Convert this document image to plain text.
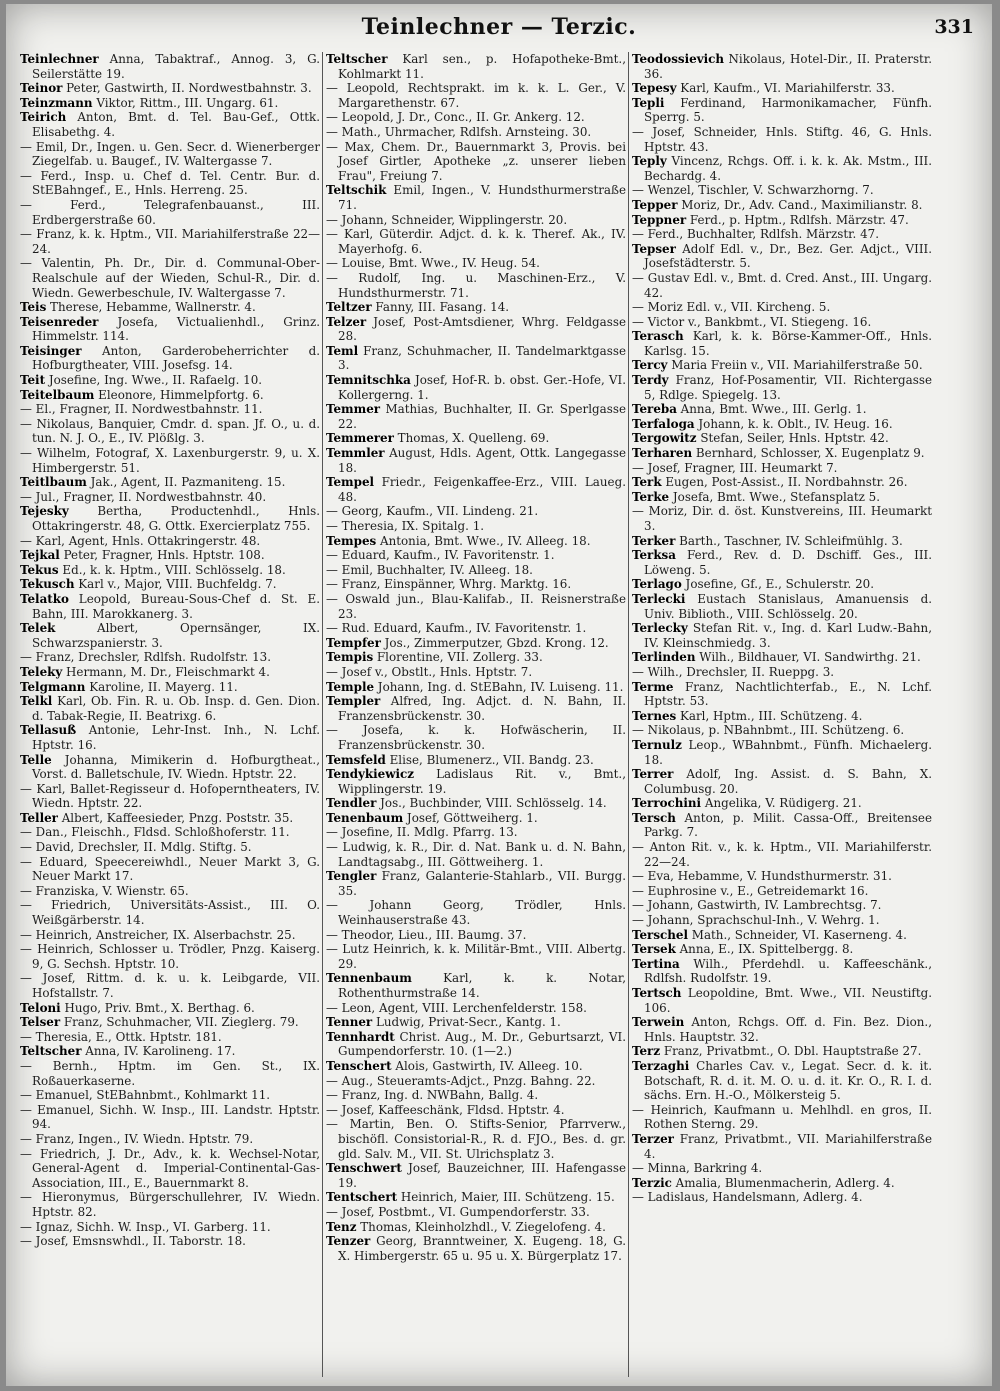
Teinlechner — Terzic.	331

Teinlechner Anna, Tabaktraf., Annog. 3, G. Seilerstätte 19.

Teinor Peter, Gastwirth, II. Nordwestbahnstr. 3.

Teinzmann Viktor, Rittm., III. Ungarg. 61.

Teirich Anton, Bmt. d. Tel. Bau-Gef., Ottk. Elisabethg. 4.

— Emil, Dr., Ingen. u. Gen. Secr. d. Wienerberger Ziegelfab. u. Baugef., IV. Waltergasse 7.

— Ferd., Insp. u. Chef d. Tel. Centr. Bur. d. StEBahngef., E., Hnls. Herreng. 25.

— Ferd., Telegrafenbauanst., III. Erdbergerstraße 60.

— Franz, k. k. Hptm., VII. Mariahilferstraße 22—24.

— Valentin, Ph. Dr., Dir. d. Communal-Ober-Realschule auf der Wieden, Schul-R., Dir. d. Wiedn. Gewerbeschule, IV. Waltergasse 7.

Teis Therese, Hebamme, Wallnerstr. 4.

Teisenreder Josefa, Victualienhdl., Grinz. Himmelstr. 114.

Teisinger Anton, Garderobeherrichter d. Hofburgtheater, VIII. Josefsg. 14.

Teit Josefine, Ing. Wwe., II. Rafaelg. 10.

Teitelbaum Eleonore, Himmelpfortg. 6.

— El., Fragner, II. Nordwestbahnstr. 11.

— Nikolaus, Banquier, Cmdr. d. span. Jf. O., u. d. tun. N. J. O., E., IV. Plößlg. 3.

— Wilhelm, Fotograf, X. Laxenburgerstr. 9, u. X. Himbergerstr. 51.

Teitlbaum Jak., Agent, II. Pazmaniteng. 15.

— Jul., Fragner, II. Nordwestbahnstr. 40.

Tejesky Bertha, Productenhdl., Hnls. Ottakringerstr. 48, G. Ottk. Exercierplatz 755.

— Karl, Agent, Hnls. Ottakringerstr. 48.

Tejkal Peter, Fragner, Hnls. Hptstr. 108.

Tekus Ed., k. k. Hptm., VIII. Schlösselg. 18.

Tekusch Karl v., Major, VIII. Buchfeldg. 7.

Telatko Leopold, Bureau-Sous-Chef d. St. E. Bahn, III. Marokkanerg. 3.

Telek Albert, Opernsänger, IX. Schwarzspanierstr. 3.

— Franz, Drechsler, Rdlfsh. Rudolfstr. 13.

Teleky Hermann, M. Dr., Fleischmarkt 4.

Telgmann Karoline, II. Mayerg. 11.

Telkl Karl, Ob. Fin. R. u. Ob. Insp. d. Gen. Dion. d. Tabak-Regie, II. Beatrixg. 6.

Tellasuß Antonie, Lehr-Inst. Inh., N. Lchf. Hptstr. 16.

Telle Johanna, Mimikerin d. Hofburgtheat., Vorst. d. Balletschule, IV. Wiedn. Hptstr. 22.

— Karl, Ballet-Regisseur d. Hofoperntheaters, IV. Wiedn. Hptstr. 22.

Teller Albert, Kaffeesieder, Pnzg. Poststr. 35.

— Dan., Fleischh., Fldsd. Schloßhoferstr. 11.

— David, Drechsler, II. Mdlg. Stiftg. 5.

— Eduard, Speecereiwhdl., Neuer Markt 3, G. Neuer Markt 17.

— Franziska, V. Wienstr. 65.

— Friedrich, Universitäts-Assist., III. O. Weißgärberstr. 14.

— Heinrich, Anstreicher, IX. Alserbachstr. 25.

— Heinrich, Schlosser u. Trödler, Pnzg. Kaiserg. 9, G. Sechsh. Hptstr. 10.

— Josef, Rittm. d. k. u. k. Leibgarde, VII. Hofstallstr. 7.

Teloni Hugo, Priv. Bmt., X. Berthag. 6.

Telser Franz, Schuhmacher, VII. Zieglerg. 79.

— Theresia, E., Ottk. Hptstr. 181.

Teltscher Anna, IV. Karolineng. 17.

— Bernh., Hptm. im Gen. St., IX. Roßauerkaserne.

— Emanuel, StEBahnbmt., Kohlmarkt 11.

— Emanuel, Sichh. W. Insp., III. Landstr. Hptstr. 94.

— Franz, Ingen., IV. Wiedn. Hptstr. 79.

— Friedrich, J. Dr., Adv., k. k. Wechsel-Notar, General-Agent d. Imperial-Continental-Gas-Association, III., E., Bauernmarkt 8.

— Hieronymus, Bürgerschullehrer, IV. Wiedn. Hptstr. 82.

— Ignaz, Sichh. W. Insp., VI. Garberg. 11.

— Josef, Emsnswhdl., II. Taborstr. 18.

Teltscher Karl sen., p. Hofapotheke-Bmt., Kohlmarkt 11.

— Leopold, Rechtsprakt. im k. k. L. Ger., V. Margarethenstr. 67.

— Leopold, J. Dr., Conc., II. Gr. Ankerg. 12.

— Math., Uhrmacher, Rdlfsh. Arnsteing. 30.

— Max, Chem. Dr., Bauernmarkt 3, Provis. bei Josef Girtler, Apotheke „z. unserer lieben Frau", Freiung 7.

Teltschik Emil, Ingen., V. Hundsthurmerstraße 71.

— Johann, Schneider, Wipplingerstr. 20.

— Karl, Güterdir. Adjct. d. k. k. Theref. Ak., IV. Mayerhofg. 6.

— Louise, Bmt. Wwe., IV. Heug. 54.

— Rudolf, Ing. u. Maschinen-Erz., V. Hundsthurmerstr. 71.

Teltzer Fanny, III. Fasang. 14.

Telzer Josef, Post-Amtsdiener, Whrg. Feldgasse 28.

Teml Franz, Schuhmacher, II. Tandelmarktgasse 3.

Temnitschka Josef, Hof-R. b. obst. Ger.-Hofe, VI. Kollergerng. 1.

Temmer Mathias, Buchhalter, II. Gr. Sperlgasse 22.

Temmerer Thomas, X. Quelleng. 69.

Temmler August, Hdls. Agent, Ottk. Langegasse 18.

Tempel Friedr., Feigenkaffee-Erz., VIII. Laueg. 48.

— Georg, Kaufm., VII. Lindeng. 21.

— Theresia, IX. Spitalg. 1.

Tempes Antonia, Bmt. Wwe., IV. Alleeg. 18.

— Eduard, Kaufm., IV. Favoritenstr. 1.

— Emil, Buchhalter, IV. Alleeg. 18.

— Franz, Einspänner, Whrg. Marktg. 16.

— Oswald jun., Blau-Kalifab., II. Reisnerstraße 23.

— Rud. Eduard, Kaufm., IV. Favoritenstr. 1.

Tempfer Jos., Zimmerputzer, Gbzd. Krong. 12.

Tempis Florentine, VII. Zollerg. 33.

— Josef v., Obstlt., Hnls. Hptstr. 7.

Temple Johann, Ing. d. StEBahn, IV. Luiseng. 11.

Templer Alfred, Ing. Adjct. d. N. Bahn, II. Franzensbrückenstr. 30.

— Josefa, k. k. Hofwäscherin, II. Franzensbrückenstr. 30.

Temsfeld Elise, Blumenerz., VII. Bandg. 23.

Tendykiewicz Ladislaus Rit. v., Bmt., Wipplingerstr. 19.

Tendler Jos., Buchbinder, VIII. Schlösselg. 14.

Tenenbaum Josef, Göttweiherg. 1.

— Josefine, II. Mdlg. Pfarrg. 13.

— Ludwig, k. R., Dir. d. Nat. Bank u. d. N. Bahn, Landtagsabg., III. Göttweiherg. 1.

Tengler Franz, Galanterie-Stahlarb., VII. Burgg. 35.

— Johann Georg, Trödler, Hnls. Weinhauserstraße 43.

— Theodor, Lieu., III. Baumg. 37.

— Lutz Heinrich, k. k. Militär-Bmt., VIII. Albertg. 29.

Tennenbaum Karl, k. k. Notar, Rothenthurmstraße 14.

— Leon, Agent, VIII. Lerchenfelderstr. 158.

Tenner Ludwig, Privat-Secr., Kantg. 1.

Tennhardt Christ. Aug., M. Dr., Geburtsarzt, VI. Gumpendorferstr. 10. (1—2.)

Tenschert Alois, Gastwirth, IV. Alleeg. 10.

— Aug., Steueramts-Adjct., Pnzg. Bahng. 22.

— Franz, Ing. d. NWBahn, Ballg. 4.

— Josef, Kaffeeschänk, Fldsd. Hptstr. 4.

— Martin, Ben. O. Stifts-Senior, Pfarrverw., bischöfl. Consistorial-R., R. d. FJO., Bes. d. gr. gld. Salv. M., VII. St. Ulrichsplatz 3.

Tenschwert Josef, Bauzeichner, III. Hafengasse 19.

Tentschert Heinrich, Maier, III. Schützeng. 15.

— Josef, Postbmt., VI. Gumpendorferstr. 33.

Tenz Thomas, Kleinholzhdl., V. Ziegelofeng. 4.

Tenzer Georg, Branntweiner, X. Eugeng. 18, G. X. Himbergerstr. 65 u. 95 u. X. Bürgerplatz 17.

Teodossievich Nikolaus, Hotel-Dir., II. Praterstr. 36.

Tepesy Karl, Kaufm., VI. Mariahilferstr. 33.

Tepli Ferdinand, Harmonikamacher, Fünfh. Sperrg. 5.

— Josef, Schneider, Hnls. Stiftg. 46, G. Hnls. Hptstr. 43.

Teply Vincenz, Rchgs. Off. i. k. k. Ak. Mstm., III. Bechardg. 4.

— Wenzel, Tischler, V. Schwarzhorng. 7.

Tepper Moriz, Dr., Adv. Cand., Maximilianstr. 8.

Teppner Ferd., p. Hptm., Rdlfsh. Märzstr. 47.

— Ferd., Buchhalter, Rdlfsh. Märzstr. 47.

Tepser Adolf Edl. v., Dr., Bez. Ger. Adjct., VIII. Josefstädterstr. 5.

— Gustav Edl. v., Bmt. d. Cred. Anst., III. Ungarg. 42.

— Moriz Edl. v., VII. Kircheng. 5.

— Victor v., Bankbmt., VI. Stiegeng. 16.

Terasch Karl, k. k. Börse-Kammer-Off., Hnls. Karlsg. 15.

Tercy Maria Freiin v., VII. Mariahilferstraße 50.

Terdy Franz, Hof-Posamentir, VII. Richtergasse 5, Rdlge. Spiegelg. 13.

Tereba Anna, Bmt. Wwe., III. Gerlg. 1.

Terfaloga Johann, k. k. Oblt., IV. Heug. 16.

Tergowitz Stefan, Seiler, Hnls. Hptstr. 42.

Terharen Bernhard, Schlosser, X. Eugenplatz 9.

— Josef, Fragner, III. Heumarkt 7.

Terk Eugen, Post-Assist., II. Nordbahnstr. 26.

Terke Josefa, Bmt. Wwe., Stefansplatz 5.

— Moriz, Dir. d. öst. Kunstvereins, III. Heumarkt 3.

Terker Barth., Taschner, IV. Schleifmühlg. 3.

Terksa Ferd., Rev. d. D. Dschiff. Ges., III. Löweng. 5.

Terlago Josefine, Gf., E., Schulerstr. 20.

Terlecki Eustach Stanislaus, Amanuensis d. Univ. Biblioth., VIII. Schlösselg. 20.

Terlecky Stefan Rit. v., Ing. d. Karl Ludw.-Bahn, IV. Kleinschmiedg. 3.

Terlinden Wilh., Bildhauer, VI. Sandwirthg. 21.

— Wilh., Drechsler, II. Rueppg. 3.

Terme Franz, Nachtlichterfab., E., N. Lchf. Hptstr. 53.

Ternes Karl, Hptm., III. Schützeng. 4.

— Nikolaus, p. NBahnbmt., III. Schützeng. 6.

Ternulz Leop., WBahnbmt., Fünfh. Michaelerg. 18.

Terrer Adolf, Ing. Assist. d. S. Bahn, X. Columbusg. 20.

Terrochini Angelika, V. Rüdigerg. 21.

Tersch Anton, p. Milit. Cassa-Off., Breitensee Parkg. 7.

— Anton Rit. v., k. k. Hptm., VII. Mariahilferstr. 22—24.

— Eva, Hebamme, V. Hundsthurmerstr. 31.

— Euphrosine v., E., Getreidemarkt 16.

— Johann, Gastwirth, IV. Lambrechtsg. 7.

— Johann, Sprachschul-Inh., V. Wehrg. 1.

Terschel Math., Schneider, VI. Kaserneng. 4.

Tersek Anna, E., IX. Spittelbergg. 8.

Tertina Wilh., Pferdehdl. u. Kaffeeschänk., Rdlfsh. Rudolfstr. 19.

Tertsch Leopoldine, Bmt. Wwe., VII. Neustiftg. 106.

Terwein Anton, Rchgs. Off. d. Fin. Bez. Dion., Hnls. Hauptstr. 32.

Terz Franz, Privatbmt., O. Dbl. Hauptstraße 27.

Terzaghi Charles Cav. v., Legat. Secr. d. k. it. Botschaft, R. d. it. M. O. u. d. it. Kr. O., R. I. d. sächs. Ern. H.-O., Mölkersteig 5.

— Heinrich, Kaufmann u. Mehlhdl. en gros, II. Rothen Sterng. 29.

Terzer Franz, Privatbmt., VII. Mariahilferstraße 4.

— Minna, Barkring 4.

Terzic Amalia, Blumenmacherin, Adlerg. 4.

— Ladislaus, Handelsmann, Adlerg. 4.
